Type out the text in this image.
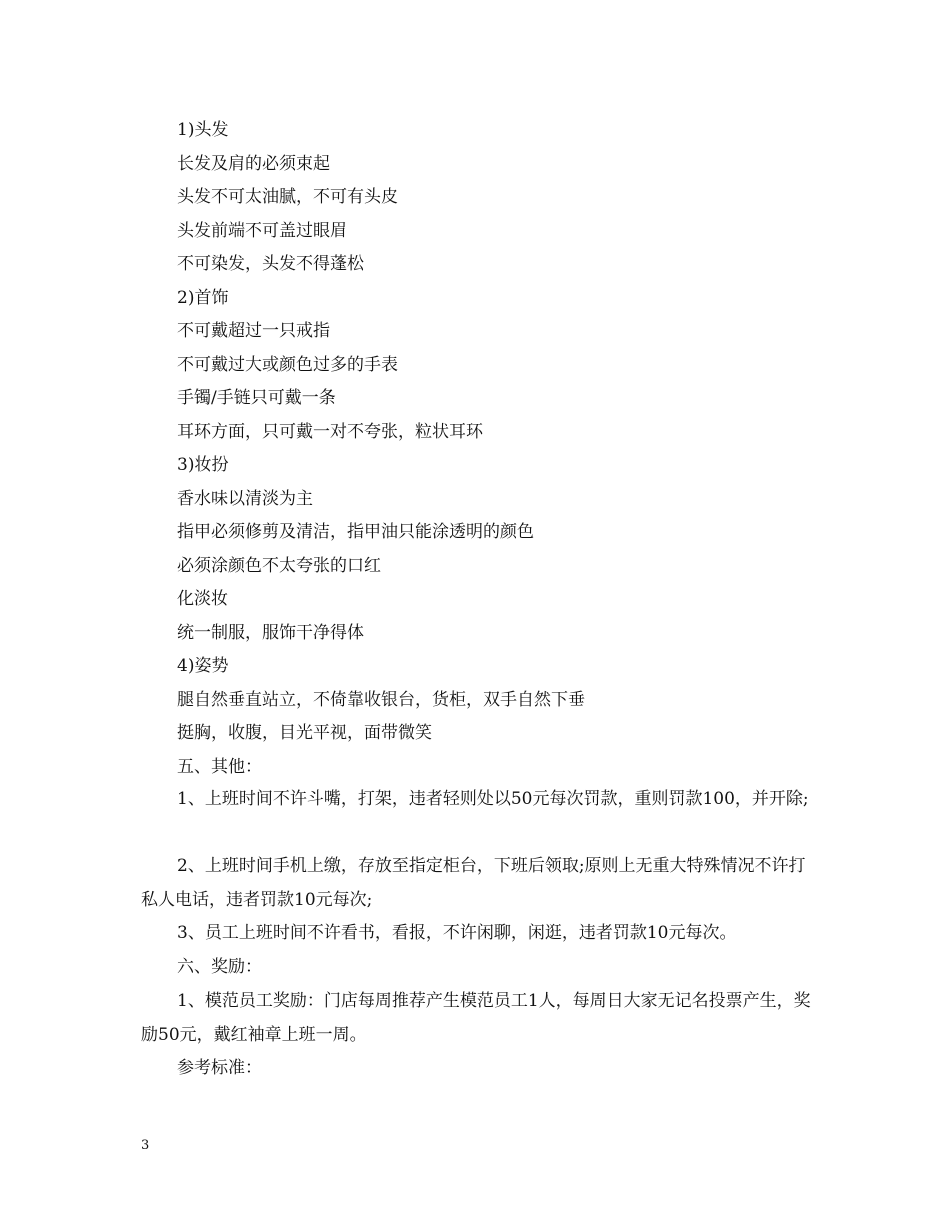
1)头发
长发及肩的必须束起
头发不可太油腻，不可有头皮
头发前端不可盖过眼眉
不可染发，头发不得蓬松
2)首饰
不可戴超过一只戒指
不可戴过大或颜色过多的手表
手镯/手链只可戴一条
耳环方面，只可戴一对不夸张，粒状耳环
3)妆扮
香水味以清淡为主
指甲必须修剪及清洁，指甲油只能涂透明的颜色
必须涂颜色不太夸张的口红
化淡妆
统一制服，服饰干净得体
4)姿势
腿自然垂直站立，不倚靠收银台，货柜，双手自然下垂
挺胸，收腹，目光平视，面带微笑
五、其他：
1、上班时间不许斗嘴，打架，违者轻则处以50元每次罚款，重则罚款100，并开除;
2、上班时间手机上缴，存放至指定柜台，下班后领取;原则上无重大特殊情况不许打私人电话，违者罚款10元每次;
3、员工上班时间不许看书，看报，不许闲聊，闲逛，违者罚款10元每次。
六、奖励：
1、模范员工奖励：门店每周推荐产生模范员工1人，每周日大家无记名投票产生，奖励50元，戴红袖章上班一周。
参考标准：
3
